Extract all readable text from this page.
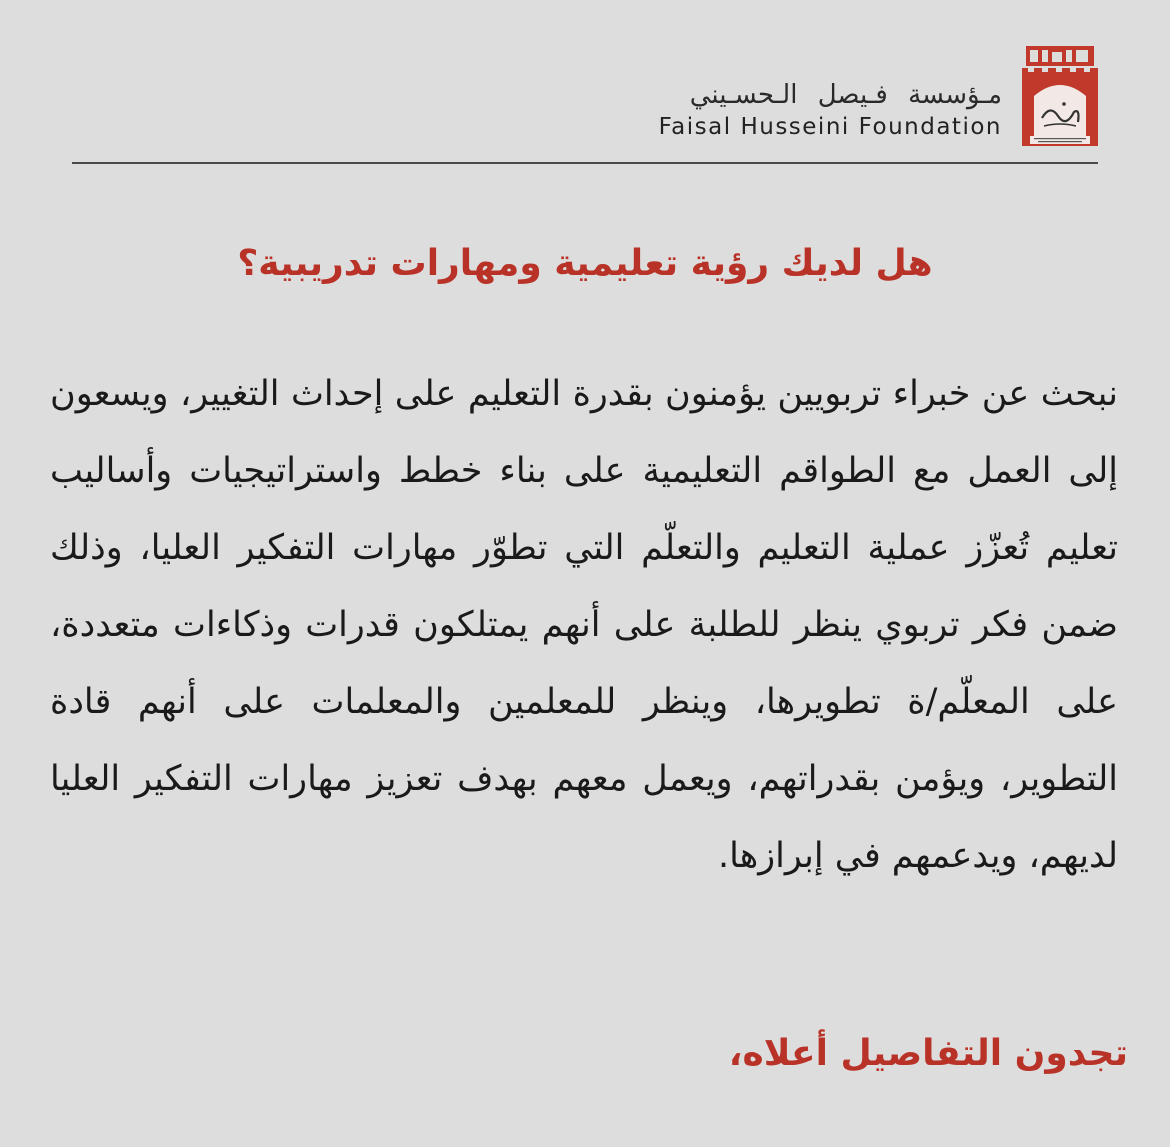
مـؤسسة فـيصل الـحسـيني
Faisal Husseini Foundation
هل لديك رؤية تعليمية ومهارات تدريبية؟
نبحث عن خبراء تربويين يؤمنون بقدرة التعليم على إحداث التغيير، ويسعون إلى العمل مع الطواقم التعليمية على بناء خطط واستراتيجيات وأساليب تعليم تُعزّز عملية التعليم والتعلّم التي تطوّر مهارات التفكير العليا، وذلك ضمن فكر تربوي ينظر للطلبة على أنهم يمتلكون قدرات وذكاءات متعددة، على المعلّم/ة تطويرها، وينظر للمعلمين والمعلمات على أنهم قادة التطوير، ويؤمن بقدراتهم، ويعمل معهم بهدف تعزيز مهارات التفكير العليا لديهم، ويدعمهم في إبرازها.
تجدون التفاصيل أعلاه،
